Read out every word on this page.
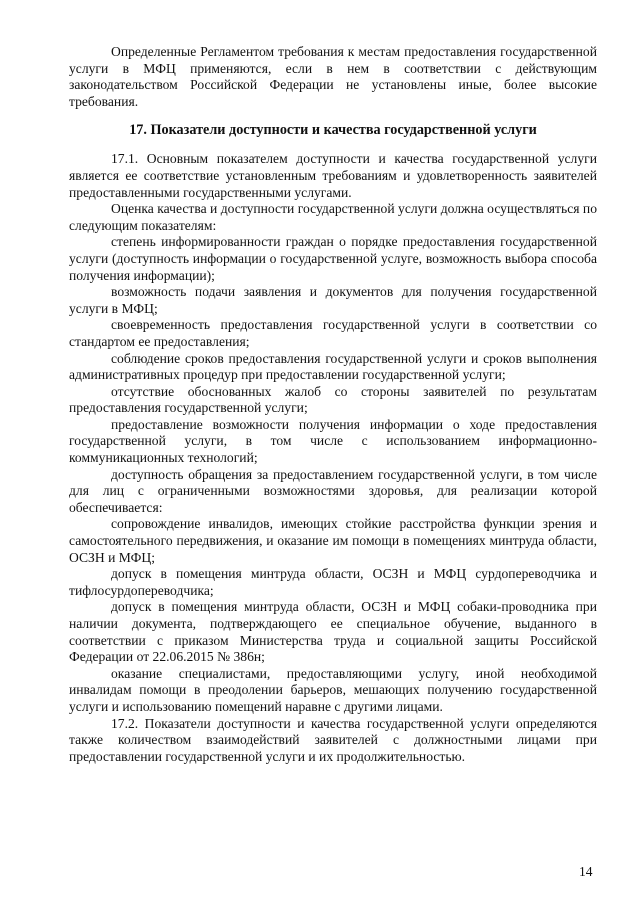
Определенные Регламентом требования к местам предоставления государственной услуги в МФЦ применяются, если в нем в соответствии с действующим законодательством Российской Федерации не установлены иные, более высокие требования.

17. Показатели доступности и качества государственной услуги

17.1. Основным показателем доступности и качества государственной услуги является ее соответствие установленным требованиям и удовлетворенность заявителей предоставленными государственными услугами.

Оценка качества и доступности государственной услуги должна осуществляться по следующим показателям:

степень информированности граждан о порядке предоставления государственной услуги (доступность информации о государственной услуге, возможность выбора способа получения информации);

возможность подачи заявления и документов для получения государственной услуги в МФЦ;

своевременность предоставления государственной услуги в соответствии со стандартом ее предоставления;

соблюдение сроков предоставления государственной услуги и сроков выполнения административных процедур при предоставлении государственной услуги;

отсутствие обоснованных жалоб со стороны заявителей по результатам предоставления государственной услуги;

предоставление возможности получения информации о ходе предоставления государственной услуги, в том числе с использованием информационно-коммуникационных технологий;

доступность обращения за предоставлением государственной услуги, в том числе для лиц с ограниченными возможностями здоровья, для реализации которой обеспечивается:

сопровождение инвалидов, имеющих стойкие расстройства функции зрения и самостоятельного передвижения, и оказание им помощи в помещениях минтруда области, ОСЗН и МФЦ;

допуск в помещения минтруда области, ОСЗН и МФЦ сурдопереводчика и тифлосурдопереводчика;

допуск в помещения минтруда области, ОСЗН и МФЦ собаки-проводника при наличии документа, подтверждающего ее специальное обучение, выданного в соответствии с приказом Министерства труда и социальной защиты Российской Федерации от 22.06.2015 № 386н;

оказание специалистами, предоставляющими услугу, иной необходимой инвалидам помощи в преодолении барьеров, мешающих получению государственной услуги и использованию помещений наравне с другими лицами.

17.2. Показатели доступности и качества государственной услуги определяются также количеством взаимодействий заявителей с должностными лицами при предоставлении государственной услуги и их продолжительностью.

14
